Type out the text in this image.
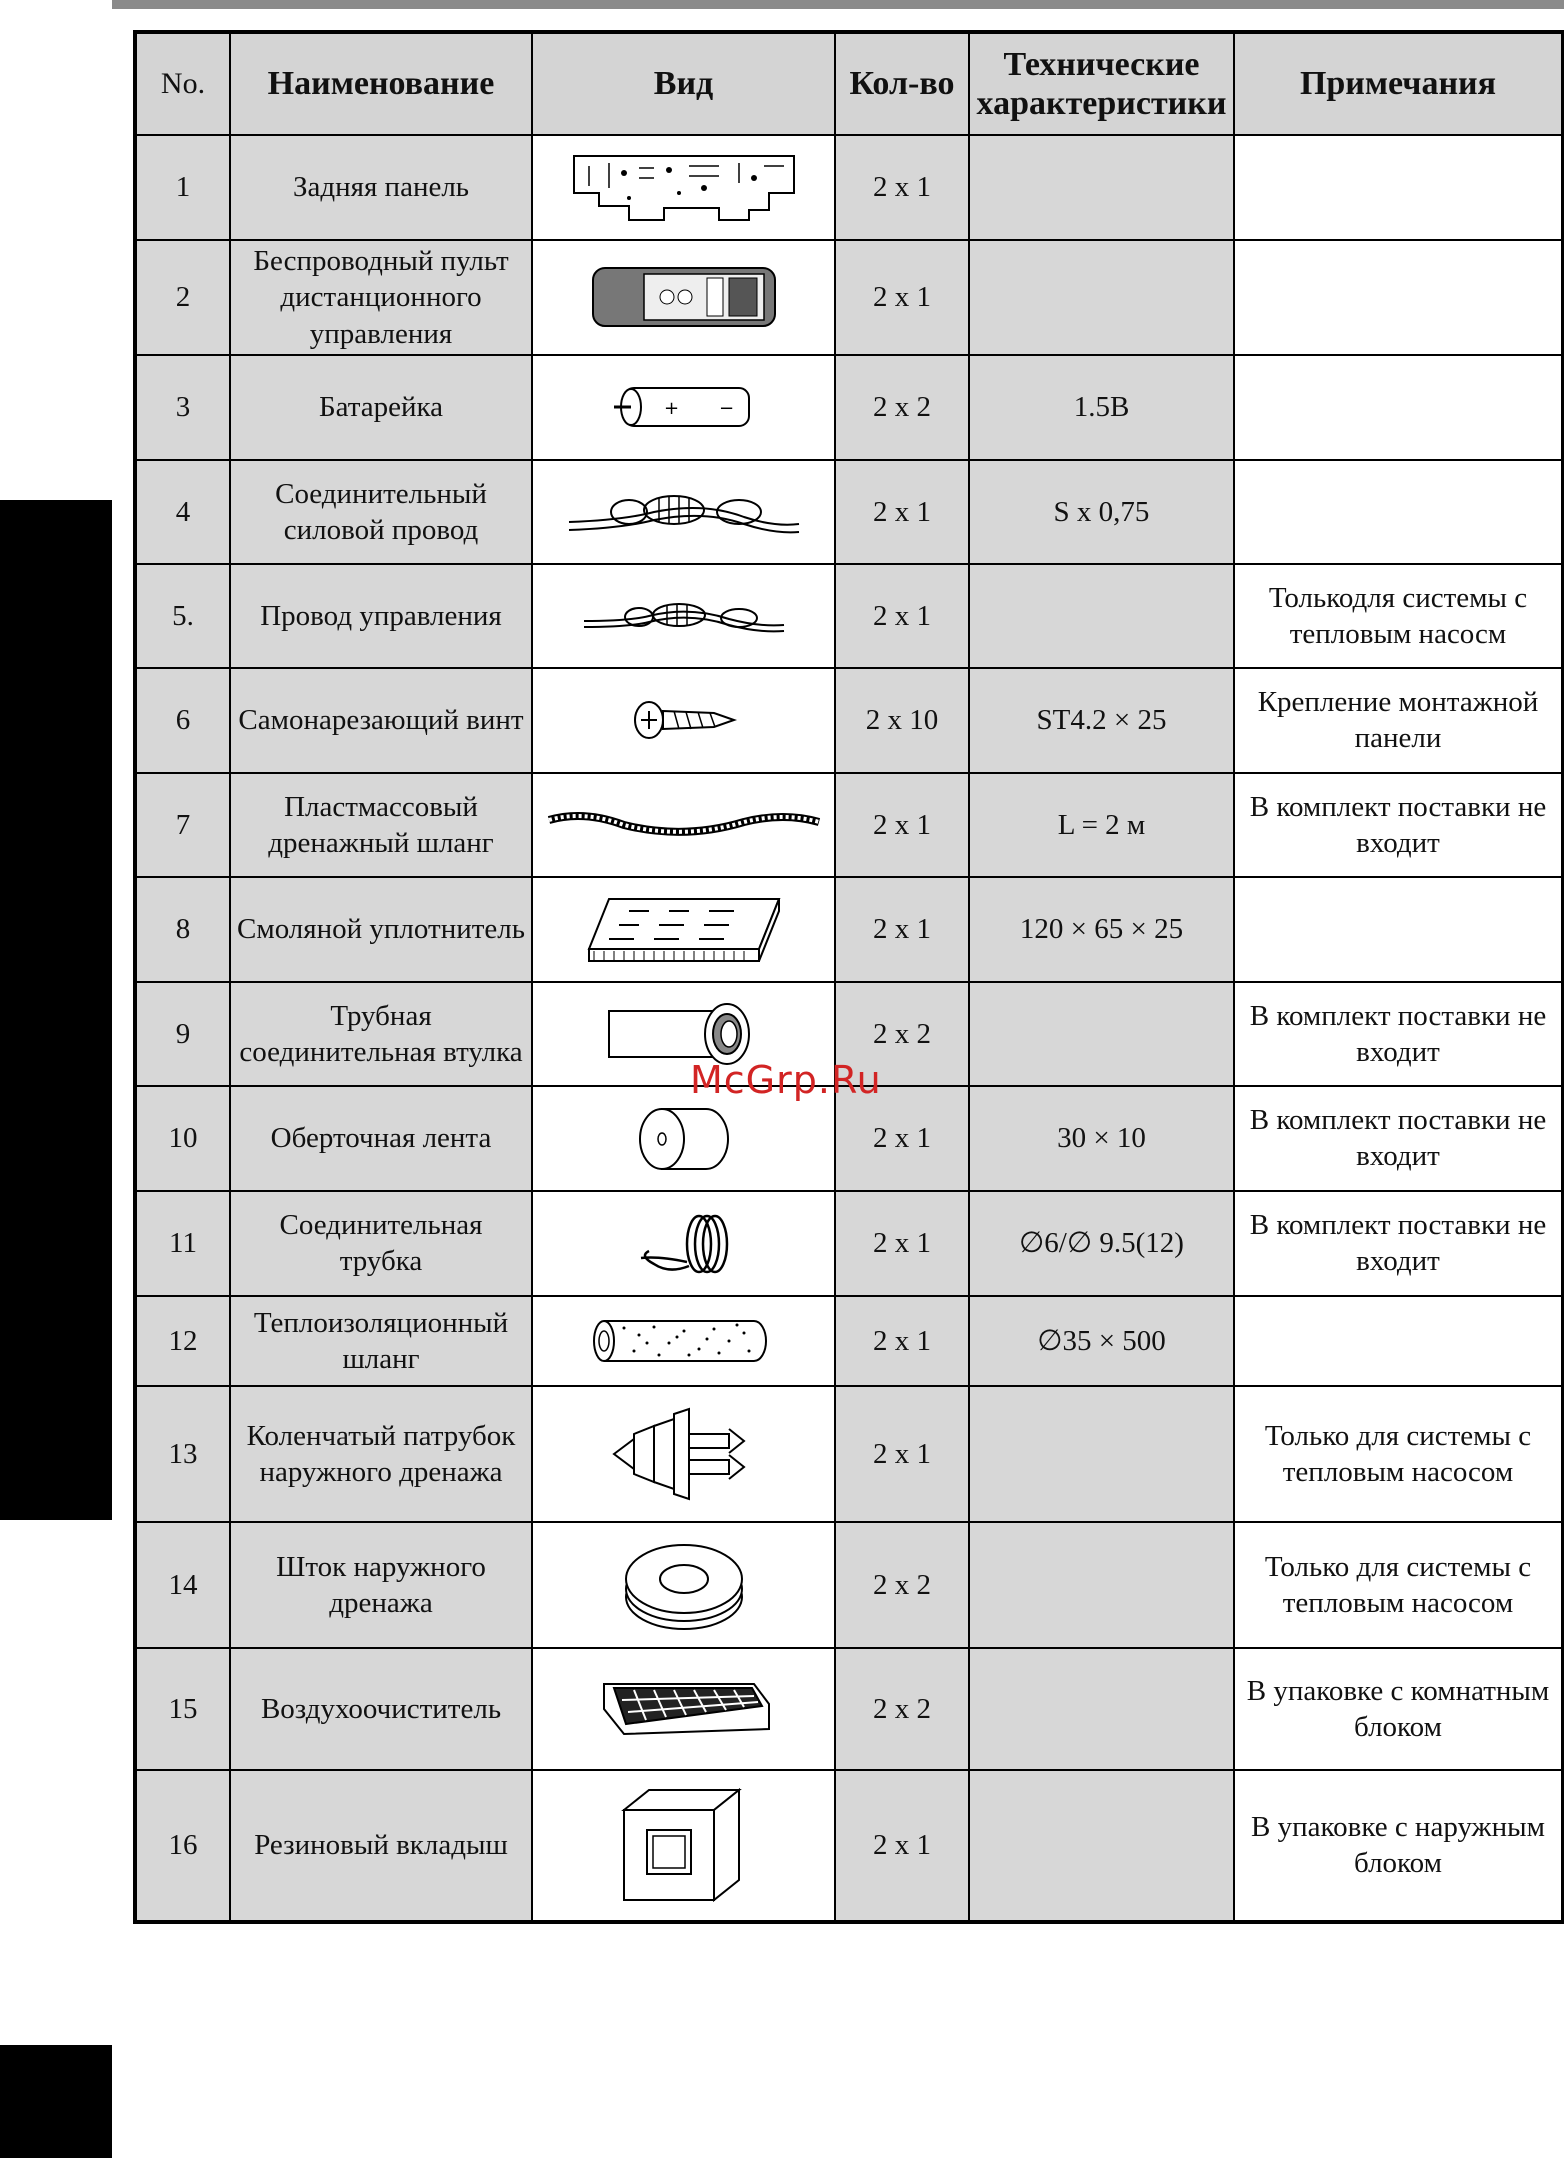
No.	Наименование	Вид	Кол-во	Технические характеристики	Примечания
1	Задняя панель		2 x 1		
2	Беспроводный пульт дистанционного управления		2 x 1		
3	Батарейка	+ −	2 x 2	1.5B	
4	Соединительный силовой провод		2 x 1	S x 0,75	
5.	Провод управления		2 x 1		Толькодля системы с тепловым насосм
6	Самонарезающий винт		2 x 10	ST4.2 × 25	Крепление монтажной панели
7	Пластмассовый дренажный шланг		2 x 1	L = 2 м	В комплект поставки не входит
8	Смоляной уплотнитель		2 x 1	120 × 65 × 25	
9	Трубная соединительная втулка		2 x 2		В комплект поставки не входит
10	Оберточная лента		2 x 1	30 × 10	В комплект поставки не входит
11	Соединительная трубка		2 x 1	∅6/∅ 9.5(12)	В комплект поставки не входит
12	Теплоизоляционный шланг		2 x 1	∅35 × 500	
13	Коленчатый патрубок наружного дренажа		2 x 1		Только для системы с тепловым насосом
14	Шток наружного дренажа		2 x 2		Только для системы с тепловым насосом
15	Воздухоочиститель		2 x 2		В упаковке с комнатным блоком
16	Резиновый вкладыш		2 x 1		В упаковке с наружным блоком
McGrp.Ru
